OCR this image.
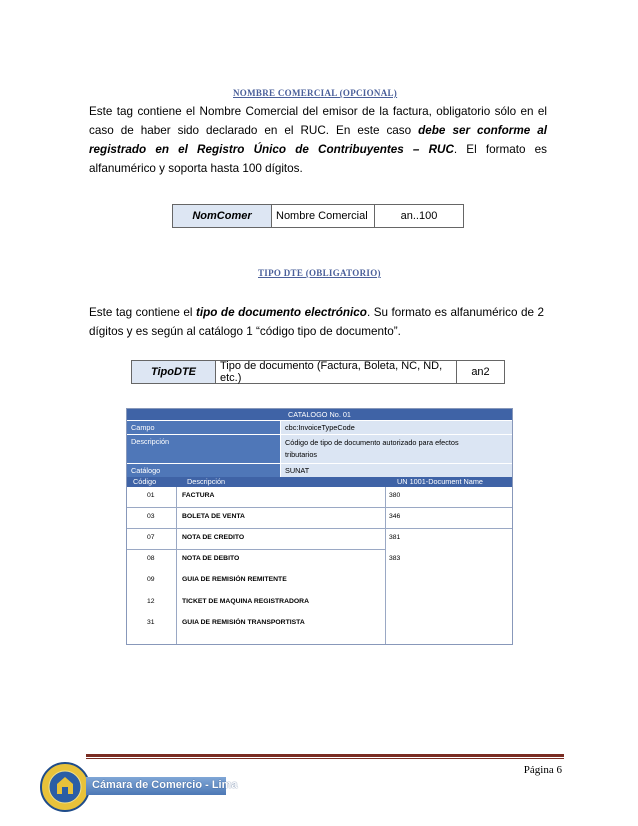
NOMBRE COMERCIAL (OPCIONAL)
Este tag contiene el Nombre Comercial del emisor de la factura, obligatorio sólo en el caso de haber sido declarado en el RUC. En este caso debe ser conforme al registrado en el Registro Único de Contribuyentes – RUC. El formato es alfanumérico y soporta hasta 100 dígitos.
NomComer	Nombre Comercial	an..100
TIPO DTE (OBLIGATORIO)
Este tag contiene el tipo de documento electrónico. Su formato es alfanumérico de 2 dígitos y es según al catálogo 1 “código tipo de documento”.
TipoDTE	Tipo de documento (Factura, Boleta, NC, ND, etc.)	an2
CATALOGO No. 01
Campo	cbc:InvoiceTypeCode
Descripción	Código de tipo de documento autorizado para efectos tributarios
Catálogo	SUNAT
Código	Descripción	UN 1001-Document Name
01	FACTURA	380
03	BOLETA DE VENTA	346
07	NOTA DE CREDITO	381
08	NOTA DE DEBITO	383
09	GUIA DE REMISIÓN REMITENTE
12	TICKET DE MAQUINA REGISTRADORA
31	GUIA DE REMISIÓN TRANSPORTISTA
Página 6
Cámara de Comercio - Lima
